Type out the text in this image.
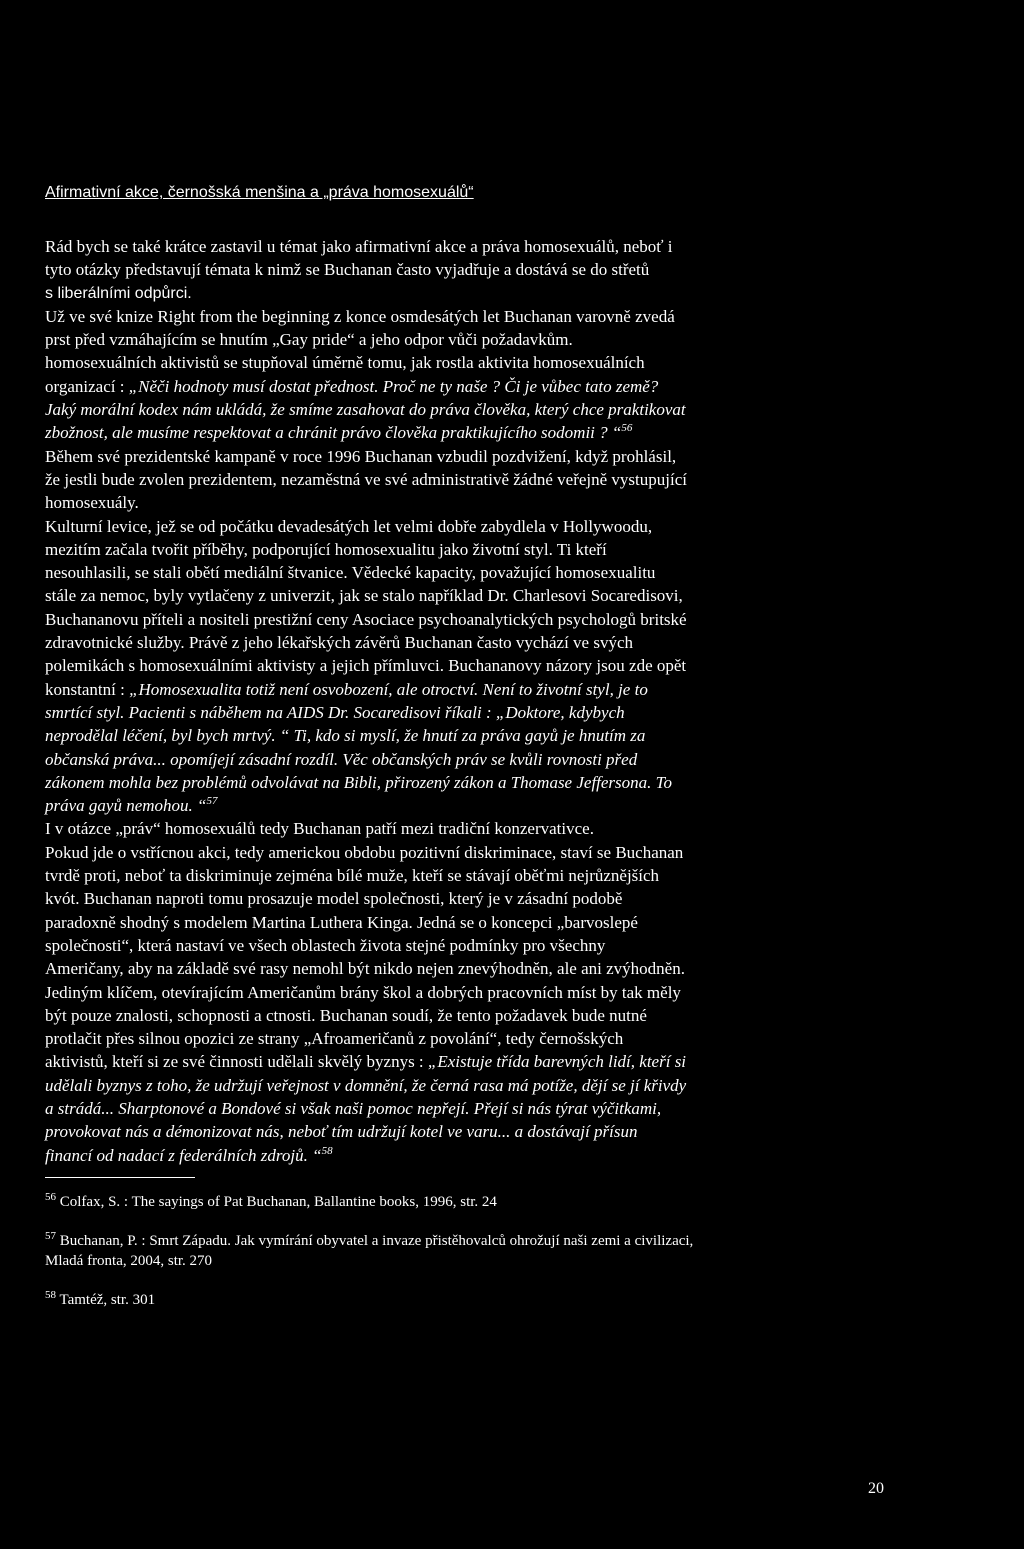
Afirmativní akce, černošská menšina a „práva homosexuálů“

Rád bych se také krátce zastavil u témat jako afirmativní akce a práva homosexuálů, neboť i

tyto otázky představují témata k nimž se Buchanan často vyjadřuje a dostává se do střetů

s liberálními odpůrci.

Už ve své knize Right from the beginning z konce osmdesátých let Buchanan varovně zvedá

prst před vzmáhajícím se hnutím „Gay pride“ a jeho odpor vůči požadavkům.

homosexuálních aktivistů se stupňoval úměrně tomu, jak rostla aktivita homosexuálních

organizací : „Něči hodnoty musí dostat přednost. Proč ne ty naše ? Či je vůbec tato země?

Jaký morální kodex nám ukládá, že smíme zasahovat do práva člověka, který chce praktikovat

zbožnost, ale musíme respektovat a chránit právo člověka praktikujícího sodomii ? “$^{56}$

Během své prezidentské kampaně v roce 1996 Buchanan vzbudil pozdvižení, když prohlásil,

že jestli bude zvolen prezidentem, nezaměstná ve své administrativě žádné veřejně vystupující

homosexuály.

Kulturní levice, jež se od počátku devadesátých let velmi dobře zabydlela v Hollywoodu,

mezitím začala tvořit příběhy, podporující homosexualitu jako životní styl. Ti kteří

nesouhlasili, se stali obětí mediální štvanice. Vědecké kapacity, považující homosexualitu

stále za nemoc, byly vytlačeny z univerzit, jak se stalo například Dr. Charlesovi Socaredisovi,

Buchananovu příteli a nositeli prestižní ceny Asociace psychoanalytických psychologů britské

zdravotnické služby. Právě z jeho lékařských závěrů Buchanan často vychází ve svých

polemikách s homosexuálními aktivisty a jejich přímluvci. Buchananovy názory jsou zde opět

konstantní : „Homosexualita totiž není osvobození, ale otroctví. Není to životní styl, je to

smrtící styl. Pacienti s náběhem na AIDS Dr. Socaredisovi říkali : „Doktore, kdybych

neprodělal léčení, byl bych mrtvý. “ Ti, kdo si myslí, že hnutí za práva gayů je hnutím za

občanská práva... opomíjejí zásadní rozdíl. Věc občanských práv se kvůli rovnosti před

zákonem mohla bez problémů odvolávat na Bibli, přirozený zákon a Thomase Jeffersona. To

práva gayů nemohou. “$^{57}$

I v otázce „práv“ homosexuálů tedy Buchanan patří mezi tradiční konzervativce.

Pokud jde o vstřícnou akci, tedy americkou obdobu pozitivní diskriminace, staví se Buchanan

tvrdě proti, neboť ta diskriminuje zejména bílé muže, kteří se stávají oběťmi nejrůznějších

kvót. Buchanan naproti tomu prosazuje model společnosti, který je v zásadní podobě

paradoxně shodný s modelem Martina Luthera Kinga. Jedná se o koncepci „barvoslepé

společnosti“, která nastaví ve všech oblastech života stejné podmínky pro všechny

Američany, aby na základě své rasy nemohl být nikdo nejen znevýhodněn, ale ani zvýhodněn.

Jediným klíčem, otevírajícím Američanům brány škol a dobrých pracovních míst by tak měly

být pouze znalosti, schopnosti a ctnosti. Buchanan soudí, že tento požadavek bude nutné

protlačit přes silnou opozici ze strany „Afroameričanů z povolání“, tedy černošských

aktivistů, kteří si ze své činnosti udělali skvělý byznys : „Existuje třída barevných lidí, kteří si

udělali byznys z toho, že udržují veřejnost v domnění, že černá rasa má potíže, dějí se jí křivdy

a strádá... Sharptonové a Bondové si však naši pomoc nepřejí. Přejí si nás týrat výčitkami,

provokovat nás a démonizovat nás, neboť tím udržují kotel ve varu... a dostávají přísun

financí od nadací z federálních zdrojů. “$^{58}$

$^{56}$ Colfax, S. : The sayings of Pat Buchanan, Ballantine books, 1996, str. 24
$^{57}$ Buchanan, P. : Smrt Západu. Jak vymírání obyvatel a invaze přistěhovalců ohrožují naši zemi a civilizaci,
Mladá fronta, 2004, str. 270
$^{58}$ Tamtéž, str. 301
20
